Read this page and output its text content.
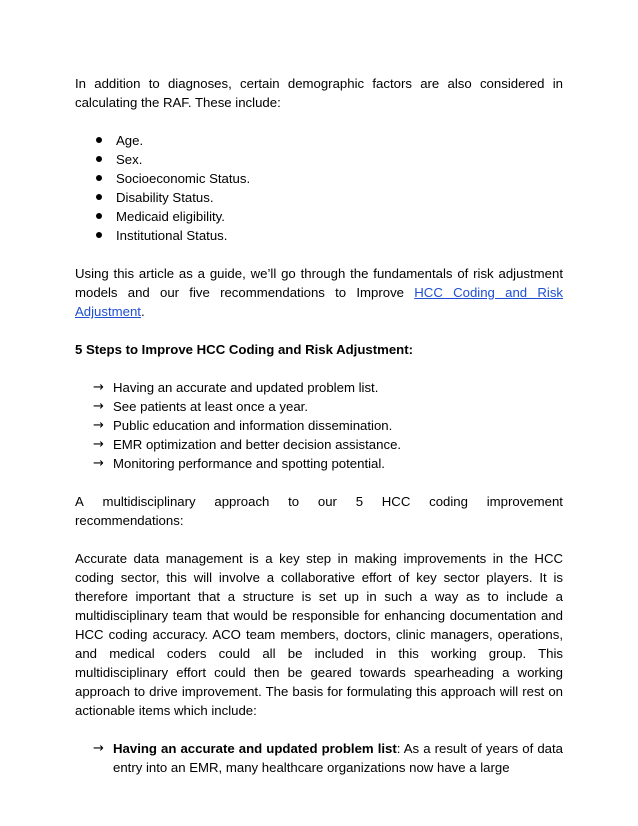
In addition to diagnoses, certain demographic factors are also considered in calculating the RAF. These include:

Age.
Sex.
Socioeconomic Status.
Disability Status.
Medicaid eligibility.
Institutional Status.

Using this article as a guide, we’ll go through the fundamentals of risk adjustment models and our five recommendations to Improve HCC Coding and Risk Adjustment.

5 Steps to Improve HCC Coding and Risk Adjustment:

→ Having an accurate and updated problem list.
→ See patients at least once a year.
→ Public education and information dissemination.
→ EMR optimization and better decision assistance.
→ Monitoring performance and spotting potential.
A multidisciplinary approach to our 5 HCC coding improvement
recommendations:

Accurate data management is a key step in making improvements in the HCC coding sector, this will involve a collaborative effort of key sector players. It is therefore important that a structure is set up in such a way as to include a multidisciplinary team that would be responsible for enhancing documentation and HCC coding accuracy. ACO team members, doctors, clinic managers, operations, and medical coders could all be included in this working group. This multidisciplinary effort could then be geared towards spearheading a working approach to drive improvement. The basis for formulating this approach will rest on actionable items which include:

→ Having an accurate and updated problem list: As a result of years of data entry into an EMR, many healthcare organizations now have a large
